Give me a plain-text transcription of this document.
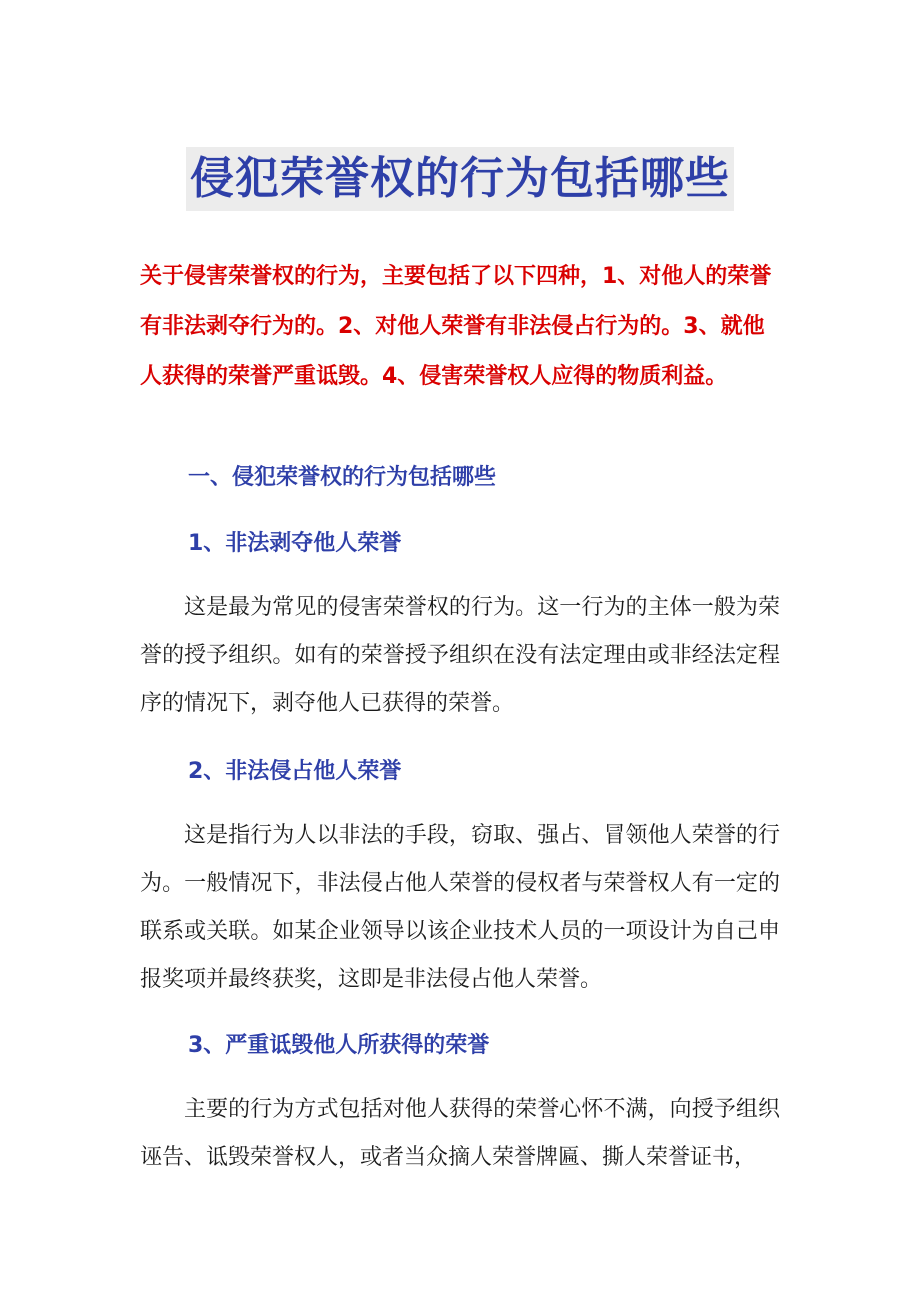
侵犯荣誉权的行为包括哪些

关于侵害荣誉权的行为，主要包括了以下四种，1、对他人的荣誉有非法剥夺行为的。2、对他人荣誉有非法侵占行为的。3、就他人获得的荣誉严重诋毁。4、侵害荣誉权人应得的物质利益。

一、侵犯荣誉权的行为包括哪些
1、非法剥夺他人荣誉

这是最为常见的侵害荣誉权的行为。这一行为的主体一般为荣誉的授予组织。如有的荣誉授予组织在没有法定理由或非经法定程序的情况下，剥夺他人已获得的荣誉。

2、非法侵占他人荣誉

这是指行为人以非法的手段，窃取、强占、冒领他人荣誉的行为。一般情况下，非法侵占他人荣誉的侵权者与荣誉权人有一定的联系或关联。如某企业领导以该企业技术人员的一项设计为自己申报奖项并最终获奖，这即是非法侵占他人荣誉。

3、严重诋毁他人所获得的荣誉

主要的行为方式包括对他人获得的荣誉心怀不满，向授予组织诬告、诋毁荣誉权人，或者当众摘人荣誉牌匾、撕人荣誉证书，
